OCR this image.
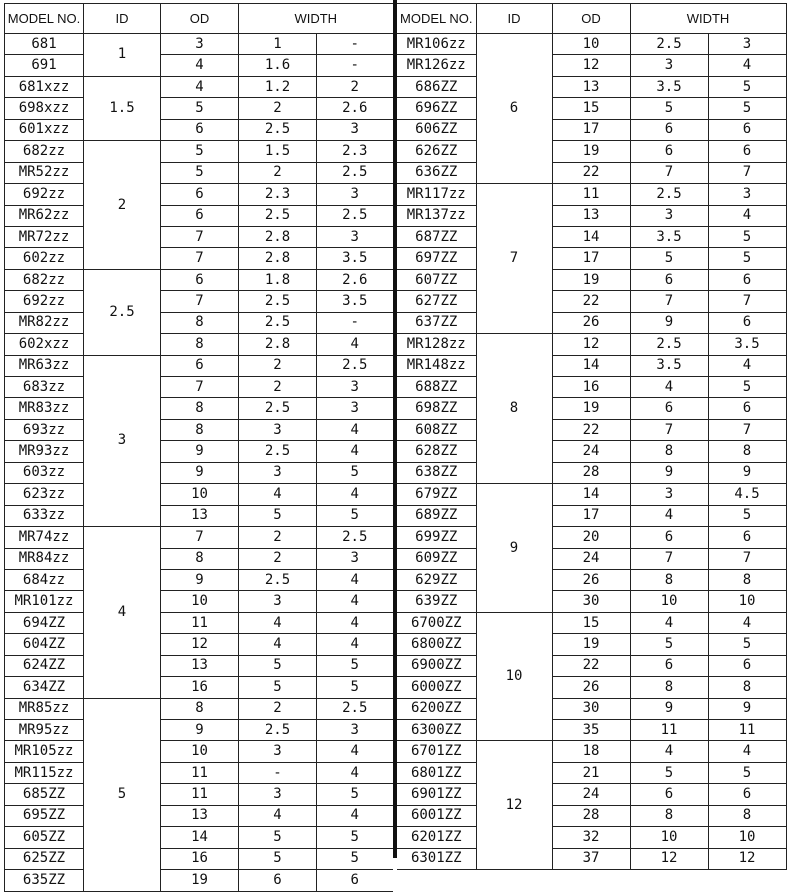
MODEL NO.	ID	OD	WIDTH	
681	1	3	1	-
691		4	1.6	-
681xzz	1.5	4	1.2	2
698xzz		5	2	2.6
601xzz		6	2.5	3
682zz	2	5	1.5	2.3
MR52zz		5	2	2.5
692zz		6	2.3	3
MR62zz		6	2.5	2.5
MR72zz		7	2.8	3
602zz		7	2.8	3.5
682zz	2.5	6	1.8	2.6
692zz		7	2.5	3.5
MR82zz		8	2.5	-
602xzz		8	2.8	4
MR63zz	3	6	2	2.5
683zz		7	2	3
MR83zz		8	2.5	3
693zz		8	3	4
MR93zz		9	2.5	4
603zz		9	3	5
623zz		10	4	4
633zz		13	5	5
MR74zz	4	7	2	2.5
MR84zz		8	2	3
684zz		9	2.5	4
MR101zz		10	3	4
694ZZ		11	4	4
604ZZ		12	4	4
624ZZ		13	5	5
634ZZ		16	5	5
MR85zz	5	8	2	2.5
MR95zz		9	2.5	3
MR105zz		10	3	4
MR115zz		11	-	4
685ZZ		11	3	5
695ZZ		13	4	4
605ZZ		14	5	5
625ZZ		16	5	5
635ZZ		19	6	6
MODEL NO.	ID	OD	WIDTH	
MR106zz	6	10	2.5	3
MR126zz		12	3	4
686ZZ		13	3.5	5
696ZZ		15	5	5
606ZZ		17	6	6
626ZZ		19	6	6
636ZZ		22	7	7
MR117zz	7	11	2.5	3
MR137zz		13	3	4
687ZZ		14	3.5	5
697ZZ		17	5	5
607ZZ		19	6	6
627ZZ		22	7	7
637ZZ		26	9	6
MR128zz	8	12	2.5	3.5
MR148zz		14	3.5	4
688ZZ		16	4	5
698ZZ		19	6	6
608ZZ		22	7	7
628ZZ		24	8	8
638ZZ		28	9	9
679ZZ	9	14	3	4.5
689ZZ		17	4	5
699ZZ		20	6	6
609ZZ		24	7	7
629ZZ		26	8	8
639ZZ		30	10	10
6700ZZ	10	15	4	4
6800ZZ		19	5	5
6900ZZ		22	6	6
6000ZZ		26	8	8
6200ZZ		30	9	9
6300ZZ		35	11	11
6701ZZ	12	18	4	4
6801ZZ		21	5	5
6901ZZ		24	6	6
6001ZZ		28	8	8
6201ZZ		32	10	10
6301ZZ		37	12	12
